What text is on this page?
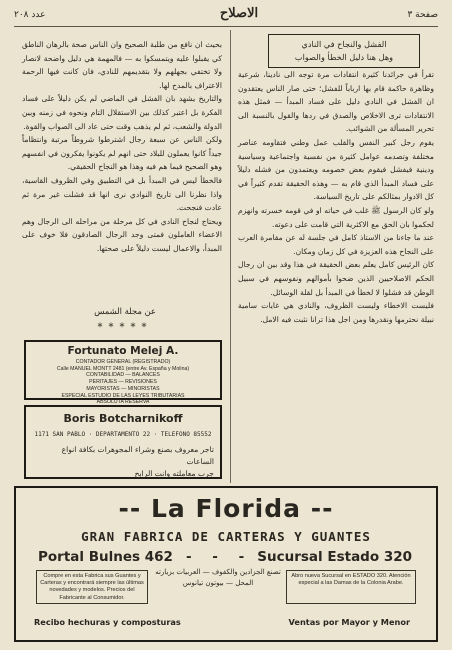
عدد ٢٠٨	الاصلاح	صفحة ٣
الفشل والنجاح في النادي
وهل هنا دليل الخطأ والصواب

تقرأ في جرائدنا كثيرة انتقادات مرة توجه الى نادينا، شرعية وظاهرة حاكمة قام بها ارباباً للفشل؛ حتى صار الناس يعتقدون ان الفشل في النادي دليل على فساد المبدأ — فمثل هذه الانتقادات ترى الاخلاص والصدق في ردها والقول بالنسبة الى تحرير المسألة من الشوائب.

يقوم رجل كبير النفس والقلب عمل وطني فتقاومه عناصر مختلفة وتصدمه عوامل كثيرة من نفسية واجتماعية وسياسية ودينية فيفشل فيقوم بعض خصومه ويعتمدون من فشله دليلاً على فساد المبدأ الذي قام به — وهذه الحقيقة تقدم كثيراً في كل الادوار بمثالكم على تاريخ السياسة.

ولو كان الرسول ﷺ غلب في حياته او في قومه خسرته وانهزم لحكموا بان الحق مع الاكثرية التي قامت على دعوته.

عند ما جاءنا من الاستاذ كامل في جلسة له عن مقامرة العرب على النجاح هذه العزيزة في كل زمان ومكان.

كان الرئيس كامل يعلم بعض الحقيقة في هذا وقد بين ان رجال الحكم الاصلاحيين الذين ضحوا بأموالهم ونفوسهم في سبيل الوطن قد فشلوا لا لخطأ في المبدأ بل لقلة الوسائل.

فليست الاخطاء وليست الظروف، والنادي هي غايات سامية نبيلة نحترمها ونقدرها ومن اجل هذا ترانا نثبت فيه الامل.

بحيث ان نافع من طلبة الصحيح وان الناس صحة بالرهان الناطق كي يقبلوا عليه ويتمسكوا به — فالمهمة هي دليل واضحة لانصار ولا تختفي بجهلهم ولا بتقديمهم للنادي، فان كانت فيها الرحمة الاعتراف بالمدح لها.

والتاريخ يشهد بان الفشل في الماضي لم يكن دليلاً على فساد الفكرة بل اعتبر كذلك بين الاستقلال التام ونحوه في زمنه وبين الدولة والشعب، ثم لم يذهب وقت حتى عاد الى الصواب والقوة.

ولكن الناس عن سبعة رجال اشترطوا شروطاً مرتبة وانتظاماً جيداً كانوا يعملون للبلاد حتى انهم لم يكونوا يفكرون في انفسهم وهو الصحيح فيما هم فيه وهذا هو النجاح الحقيقي.

فالخطأ ليس في المبدأ بل في التطبيق وفي الظروف القاسية، واذا نظرنا الى تاريخ النوادي نرى انها قد فشلت غير مرة ثم عادت فنجحت.

ويحتاج لنجاح النادي في كل مرحلة من مراحله الى الرجال وهم الاعضاء العاملون فمتى وجد الرجال الصادقون فلا خوف على المبدأ، والاعمال ليست دليلاً على صحتها.

عن مجلة الشمس
*****
Fortunato Melej A.
CONTADOR GENERAL (REGISTRADO)
Calle MANUEL MONTT 2481 (entre Av. España y Molina)
CONTABILIDAD — BALANCES
PERITAJES — REVISIONES
MAYORISTAS — MINORISTAS
ESPECIAL ESTUDIO DE LAS LEYES TRIBUTARIAS
ABSOLUTA RESERVA
Boris Botcharnikoff
1171 SAN PABLO · DEPARTAMENTO 22 · TELEFONO 85552
تاجر معروف بصنع وشراء المجوهرات بكافة انواع الساعات
جرب معاملته وانت الرابح
-- La Florida --
GRAN FABRICA DE CARTERAS Y GUANTES
Portal Bulnes 462 - - - Sucursal Estado 320
Compre en esta Fabrica sus Guantes y Carteras y encontrará siempre las últimas novedades y modelos. Precios del Fabricante al Consumidor.
تصنع الجزادين والكفوف — العربيات بزيارته المحل — بيوتون تيانوس
Abro nueva Sucursal en ESTADO 320. Atención especial a las Damas de la Colonia Arabe.
Recibo hechuras y composturas	Ventas por Mayor y Menor
